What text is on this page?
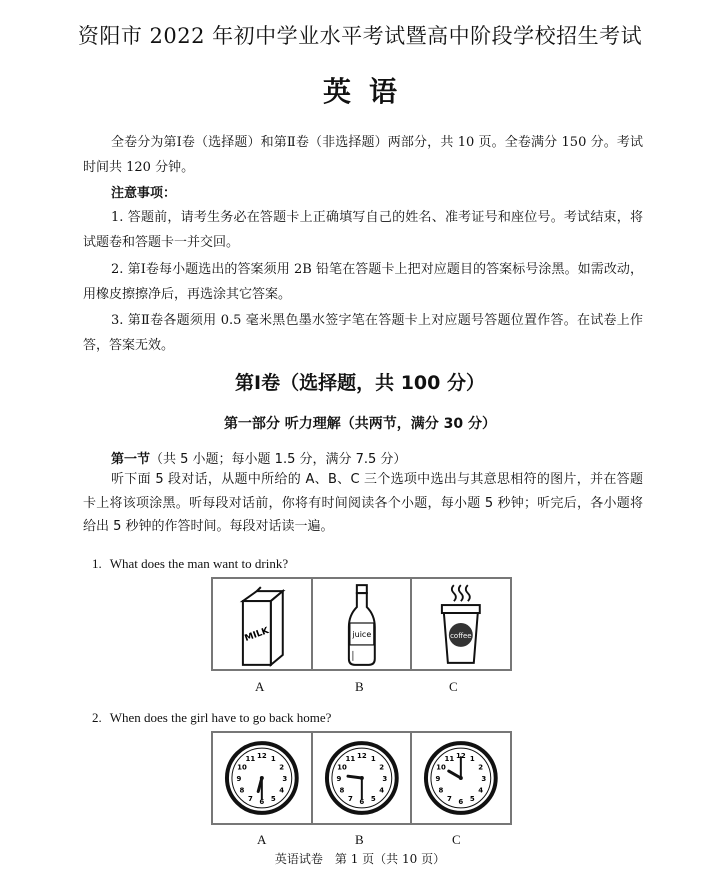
资阳市 2022 年初中学业水平考试暨高中阶段学校招生考试
英语
全卷分为第Ⅰ卷（选择题）和第Ⅱ卷（非选择题）两部分，共 10 页。全卷满分 150 分。考试时间共 120 分钟。
注意事项：
1. 答题前，请考生务必在答题卡上正确填写自己的姓名、准考证号和座位号。考试结束，将试题卷和答题卡一并交回。
2. 第Ⅰ卷每小题选出的答案须用 2B 铅笔在答题卡上把对应题目的答案标号涂黑。如需改动，用橡皮擦擦净后，再选涂其它答案。
3. 第Ⅱ卷各题须用 0.5 毫米黑色墨水签字笔在答题卡上对应题号答题位置作答。在试卷上作答，答案无效。
第Ⅰ卷（选择题，共 100 分）
第一部分 听力理解（共两节，满分 30 分）
第一节（共 5 小题；每小题 1.5 分，满分 7.5 分）
听下面 5 段对话，从题中所给的 A、B、C 三个选项中选出与其意思相符的图片，并在答题卡上将该项涂黑。听每段对话前，你将有时间阅读各个小题，每小题 5 秒钟；听完后，各小题将给出 5 秒钟的作答时间。每段对话读一遍。
1. What does the man want to drink?
MILK	juice	coffee
A	B	C
2. When does the girl have to go back home?
1
2
3
4
5
6
7
8
9
10
11 12	1
2
3
4
5
6
7
8
9
10
11 12	1
2
3
4
5
6
7
8
9
10
11 12
A	B	C
英语试卷　第 1 页（共 10 页）
